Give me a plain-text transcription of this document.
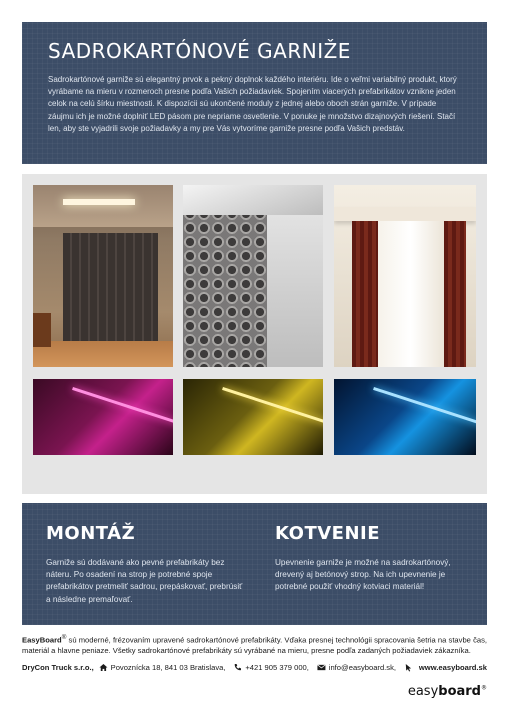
SADROKARTÓNOVÉ GARNIŽE

Sadrokartónové garniže sú elegantný prvok a pekný doplnok každého interiéru. Ide o veľmi variabilný produkt, ktorý vyrábame na mieru v rozmeroch presne podľa Vašich požiadaviek. Spojením viacerých prefabrikátov vznikne jeden celok na celú šírku miestnosti. K dispozícii sú ukončené moduly z jednej alebo oboch strán garniže. V prípade záujmu ich je možné doplniť LED pásom pre nepriame osvetlenie. V ponuke je množstvo dizajnových riešení. Stačí len, aby ste vyjadrili svoje požiadavky a my pre Vás vytvoríme garniže presne podľa Vašich predstáv.

MONTÁŽ

Garniže sú dodávané ako pevné prefabrikáty bez náteru. Po osadení na strop je potrebné spoje prefabrikátov pretmeliť sadrou, prepáskovať, prebrúsiť a následne premaľovať.

KOTVENIE

Upevnenie garniže je možné na sadrokartónový, drevený aj betónový strop. Na ich upevnenie je potrebné použiť vhodný kotviaci materiál!

EasyBoard® sú moderné, frézovaním upravené sadrokartónové prefabrikáty. Vďaka presnej technológii spracovania šetria na stavbe čas, materiál a hlavne peniaze. Všetky sadrokartónové prefabrikáty sú vyrábané na mieru, presne podľa zadaných požiadaviek zákazníka.

DryCon Truck s.r.o., Povoznícka 18, 841 03 Bratislava,	+421 905 379 000,	info@easyboard.sk,	www.easyboard.sk
easyboard®
